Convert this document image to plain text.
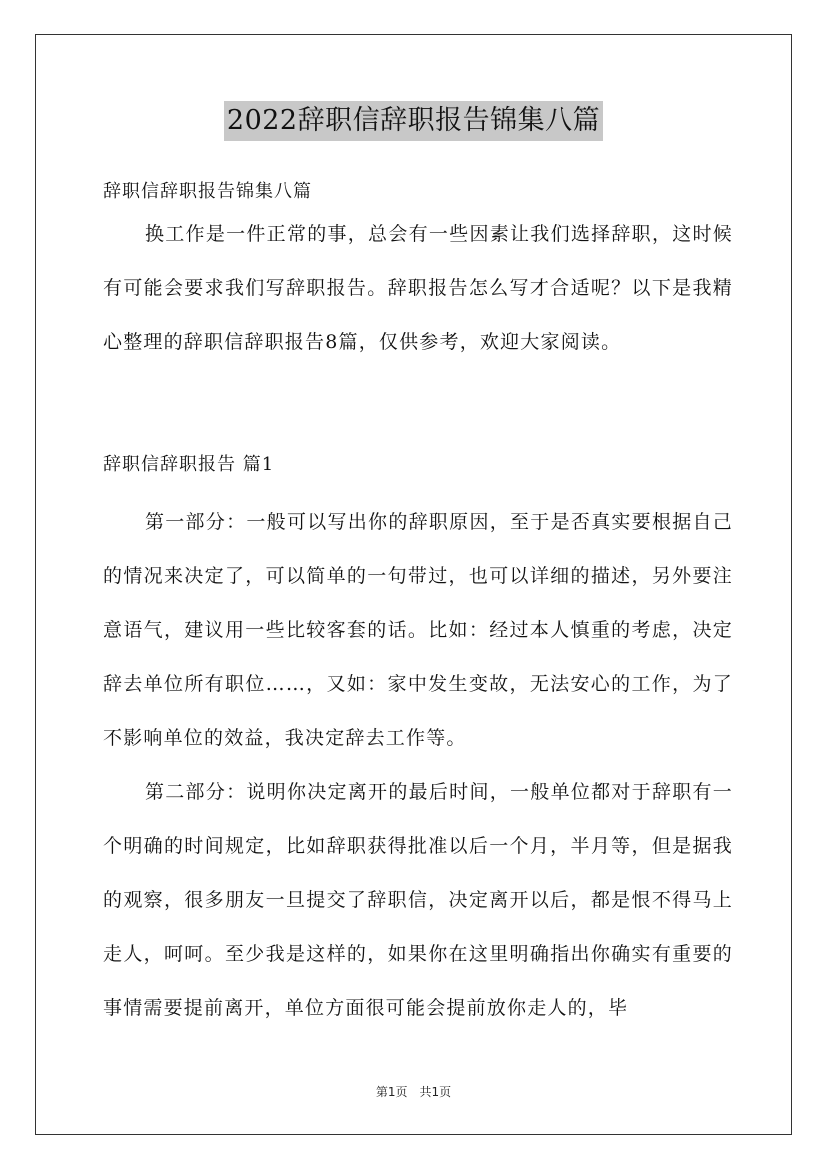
2022辞职信辞职报告锦集八篇
辞职信辞职报告锦集八篇

换工作是一件正常的事，总会有一些因素让我们选择辞职，这时候有可能会要求我们写辞职报告。辞职报告怎么写才合适呢？以下是我精心整理的辞职信辞职报告8篇，仅供参考，欢迎大家阅读。

辞职信辞职报告 篇1

第一部分：一般可以写出你的辞职原因，至于是否真实要根据自己的情况来决定了，可以简单的一句带过，也可以详细的描述，另外要注意语气，建议用一些比较客套的话。比如：经过本人慎重的考虑，决定辞去单位所有职位……，又如：家中发生变故，无法安心的工作，为了不影响单位的效益，我决定辞去工作等。

第二部分：说明你决定离开的最后时间，一般单位都对于辞职有一个明确的时间规定，比如辞职获得批准以后一个月，半月等，但是据我的观察，很多朋友一旦提交了辞职信，决定离开以后，都是恨不得马上走人，呵呵。至少我是这样的，如果你在这里明确指出你确实有重要的事情需要提前离开，单位方面很可能会提前放你走人的，毕

第1页　共1页
